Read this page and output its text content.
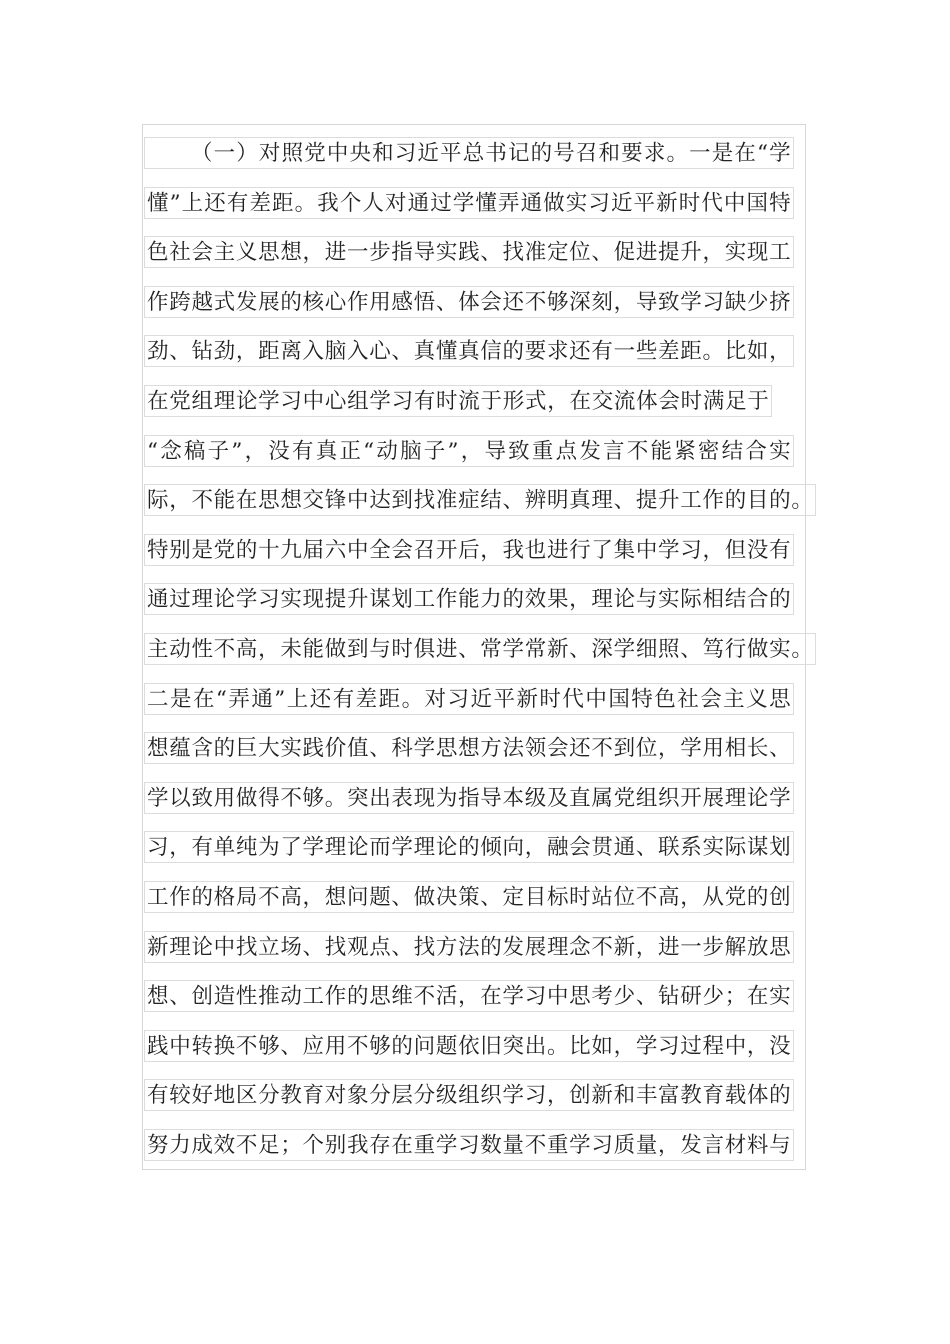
（ 一 ） 对 照 党 中 央 和 习 近 平 总 书 记 的 号 召 和 要 求 。 一 是 在 “ 学
懂 ” 上 还 有 差 距 。 我 个 人 对 通 过 学 懂 弄 通 做 实 习 近 平 新 时 代 中 国 特
色 社 会 主 义 思 想 ， 进 一 步 指 导 实 践 、 找 准 定 位 、 促 进 提 升 ， 实 现 工
作 跨 越 式 发 展 的 核 心 作 用 感 悟 、 体 会 还 不 够 深 刻 ， 导 致 学 习 缺 少 挤
劲 、 钻 劲 ， 距 离 入 脑 入 心 、 真 懂 真 信 的 要 求 还 有 一 些 差 距 。 比 如 ，
在 党 组 理 论 学 习 中 心 组 学 习 有 时 流 于 形 式 ， 在 交 流 体 会 时 满 足 于
“ 念 稿 子 ” ， 没 有 真 正 “ 动 脑 子 ” ， 导 致 重 点 发 言 不 能 紧 密 结 合 实
际 ， 不 能 在 思 想 交 锋 中 达 到 找 准 症 结 、 辨 明 真 理 、 提 升 工 作 的 目 的 。
特 别 是 党 的 十 九 届 六 中 全 会 召 开 后 ， 我 也 进 行 了 集 中 学 习 ， 但 没 有
通 过 理 论 学 习 实 现 提 升 谋 划 工 作 能 力 的 效 果 ， 理 论 与 实 际 相 结 合 的
主 动 性 不 高 ， 未 能 做 到 与 时 俱 进 、 常 学 常 新 、 深 学 细 照 、 笃 行 做 实 。
二 是 在 “ 弄 通 ” 上 还 有 差 距 。 对 习 近 平 新 时 代 中 国 特 色 社 会 主 义 思
想 蕴 含 的 巨 大 实 践 价 值 、 科 学 思 想 方 法 领 会 还 不 到 位 ， 学 用 相 长 、
学 以 致 用 做 得 不 够 。 突 出 表 现 为 指 导 本 级 及 直 属 党 组 织 开 展 理 论 学
习 ， 有 单 纯 为 了 学 理 论 而 学 理 论 的 倾 向 ， 融 会 贯 通 、 联 系 实 际 谋 划
工 作 的 格 局 不 高 ， 想 问 题 、 做 决 策 、 定 目 标 时 站 位 不 高 ， 从 党 的 创
新 理 论 中 找 立 场 、 找 观 点 、 找 方 法 的 发 展 理 念 不 新 ， 进 一 步 解 放 思
想 、 创 造 性 推 动 工 作 的 思 维 不 活 ， 在 学 习 中 思 考 少 、 钻 研 少 ； 在 实
践 中 转 换 不 够 、 应 用 不 够 的 问 题 依 旧 突 出 。 比 如 ， 学 习 过 程 中 ， 没
有 较 好 地 区 分 教 育 对 象 分 层 分 级 组 织 学 习 ， 创 新 和 丰 富 教 育 载 体 的
努 力 成 效 不 足 ； 个 别 我 存 在 重 学 习 数 量 不 重 学 习 质 量 ， 发 言 材 料 与
